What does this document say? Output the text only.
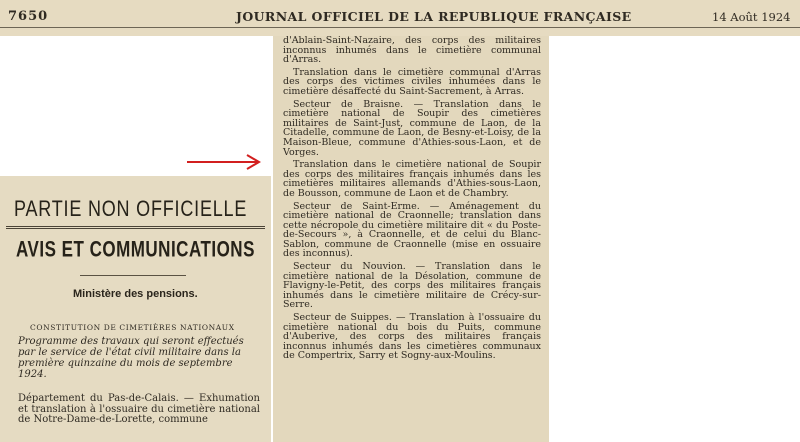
7650	JOURNAL OFFICIEL DE LA REPUBLIQUE FRANÇAISE	14 Août 1924
PARTIE NON OFFICIELLE
AVIS ET COMMUNICATIONS
Ministère des pensions.
CONSTITUTION DE CIMETIÈRES NATIONAUX
Programme des travaux qui seront effectués par le service de l'état civil militaire dans la première quinzaine du mois de septembre 1924.
Département du Pas-de-Calais. — Exhumation et translation à l'ossuaire du cimetière national de Notre-Dame-de-Lorette, commune

d'Ablain-Saint-Nazaire, des corps des militaires inconnus inhumés dans le cimetière communal d'Arras.

Translation dans le cimetière communal d'Arras des corps des victimes civiles inhumées dans le cimetière désaffecté du Saint-Sacrement, à Arras.

Secteur de Braisne. — Translation dans le cimetière national de Soupir des cimetières militaires de Saint-Just, commune de Laon, de la Citadelle, commune de Laon, de Besny-et-Loisy, de la Maison-Bleue, commune d'Athies-sous-Laon, et de Vorges.

Translation dans le cimetière national de Soupir des corps des militaires français inhumés dans les cimetières militaires allemands d'Athies-sous-Laon, de Bousson, commune de Laon et de Chambry.

Secteur de Saint-Erme. — Aménagement du cimetière national de Craonnelle; translation dans cette nécropole du cimetière militaire dit « du Poste-de-Secours », à Craonnelle, et de celui du Blanc-Sablon, commune de Craonnelle (mise en ossuaire des inconnus).

Secteur du Nouvion. — Translation dans le cimetière national de la Désolation, commune de Flavigny-le-Petit, des corps des militaires français inhumés dans le cimetière militaire de Crécy-sur-Serre.

Secteur de Suippes. — Translation à l'ossuaire du cimetière national du bois du Puits, commune d'Auberive, des corps des militaires français inconnus inhumés dans les cimetières communaux de Compertrix, Sarry et Sogny-aux-Moulins.
